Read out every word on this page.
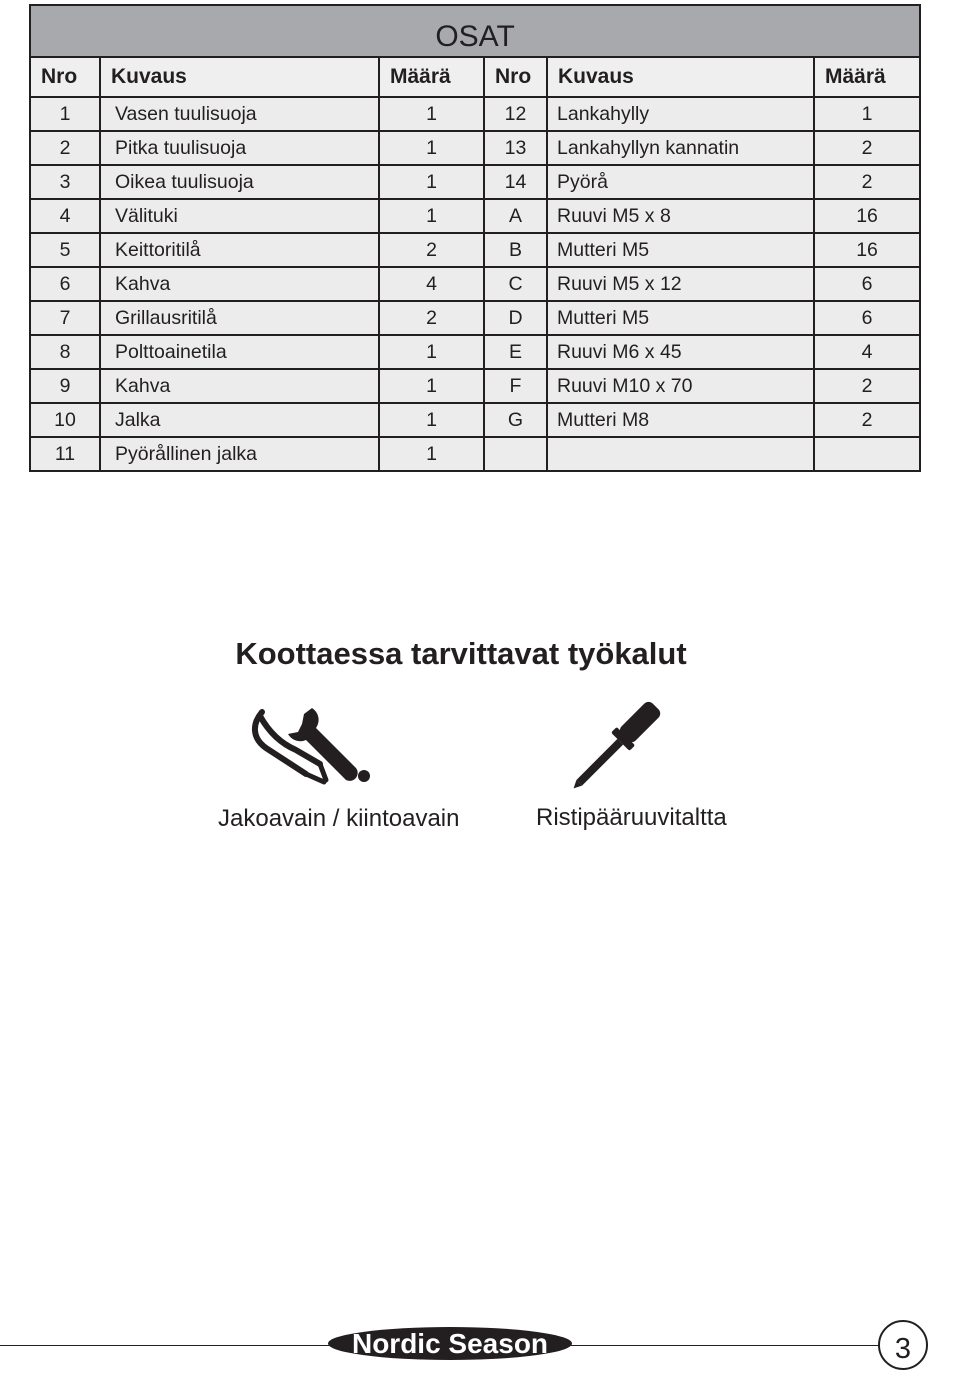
OSAT					
Nro	Kuvaus	Määrä	Nro	Kuvaus	Määrä
1	Vasen tuulisuoja	1	12	Lankahylly	1
2	Pitka tuulisuoja	1	13	Lankahyllyn kannatin	2
3	Oikea tuulisuoja	1	14	Pyörå	2
4	Välituki	1	A	Ruuvi M5 x 8	16
5	Keittoritilå	2	B	Mutteri M5	16
6	Kahva	4	C	Ruuvi M5 x 12	6
7	Grillausritilå	2	D	Mutteri M5	6
8	Polttoainetila	1	E	Ruuvi M6 x 45	4
9	Kahva	1	F	Ruuvi M10 x 70	2
10	Jalka	1	G	Mutteri M8	2
11	Pyörållinen jalka	1			
Koottaessa tarvittavat työkalut
Jakoavain / kiintoavain	Ristipääruuvitaltta
Nordic Season	3
